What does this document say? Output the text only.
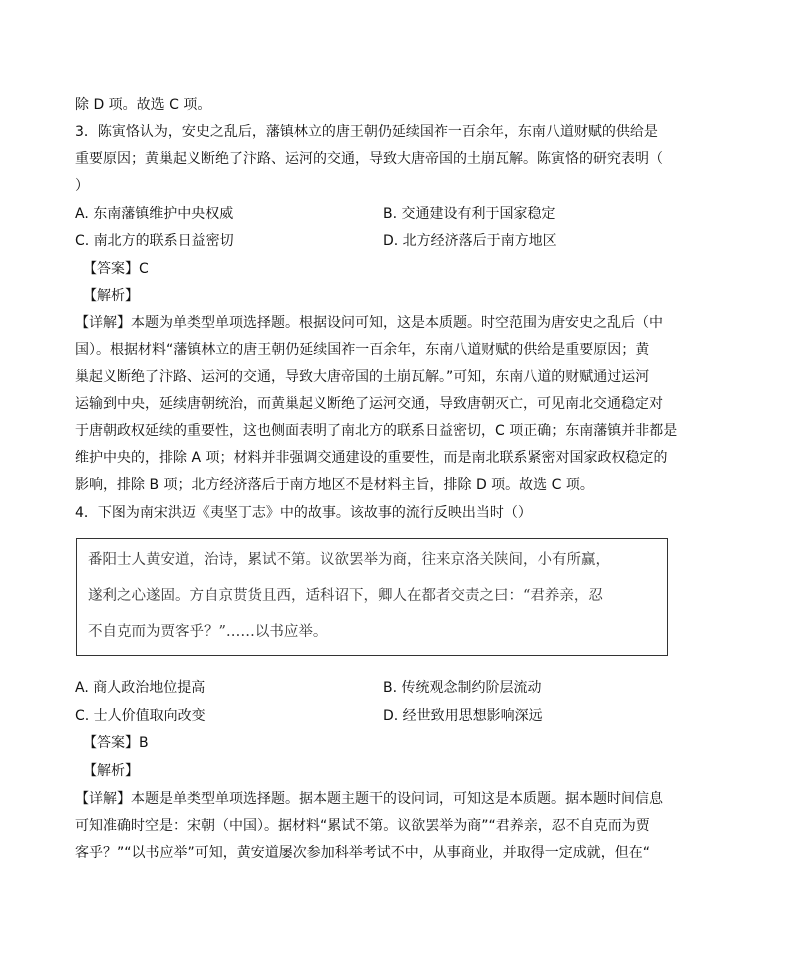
除 D 项。故选 C 项。
3．陈寅恪认为，安史之乱后，藩镇林立的唐王朝仍延续国祚一百余年，东南八道财赋的供给是
重要原因；黄巢起义断绝了汴路、运河的交通，导致大唐帝国的土崩瓦解。陈寅恪的研究表明（
）
A. 东南藩镇维护中央权威	B. 交通建设有利于国家稳定
C. 南北方的联系日益密切	D. 北方经济落后于南方地区
【答案】C
【解析】
【详解】本题为单类型单项选择题。根据设问可知，这是本质题。时空范围为唐安史之乱后（中
国）。根据材料“藩镇林立的唐王朝仍延续国祚一百余年，东南八道财赋的供给是重要原因；黄
巢起义断绝了汴路、运河的交通，导致大唐帝国的土崩瓦解。”可知，东南八道的财赋通过运河
运输到中央，延续唐朝统治，而黄巢起义断绝了运河交通，导致唐朝灭亡，可见南北交通稳定对
于唐朝政权延续的重要性，这也侧面表明了南北方的联系日益密切，C 项正确；东南藩镇并非都是
维护中央的，排除 A 项；材料并非强调交通建设的重要性，而是南北联系紧密对国家政权稳定的
影响，排除 B 项；北方经济落后于南方地区不是材料主旨，排除 D 项。故选 C 项。
4．下图为南宋洪迈《夷坚丁志》中的故事。该故事的流行反映出当时（）
番阳士人黄安道，治诗，累试不第。议欲罢举为商，往来京洛关陕间，小有所赢，
遂利之心遂固。方自京贳货且西，适科诏下，卿人在都者交责之曰：“君养亲，忍
不自克而为贾客乎？”……以书应举。
A. 商人政治地位提高	B. 传统观念制约阶层流动
C. 士人价值取向改变	D. 经世致用思想影响深远
【答案】B
【解析】
【详解】本题是单类型单项选择题。据本题主题干的设问词，可知这是本质题。据本题时间信息
可知准确时空是：宋朝（中国）。据材料“累试不第。议欲罢举为商”“君养亲，忍不自克而为贾
客乎？”“以书应举”可知，黄安道屡次参加科举考试不中，从事商业，并取得一定成就，但在“
